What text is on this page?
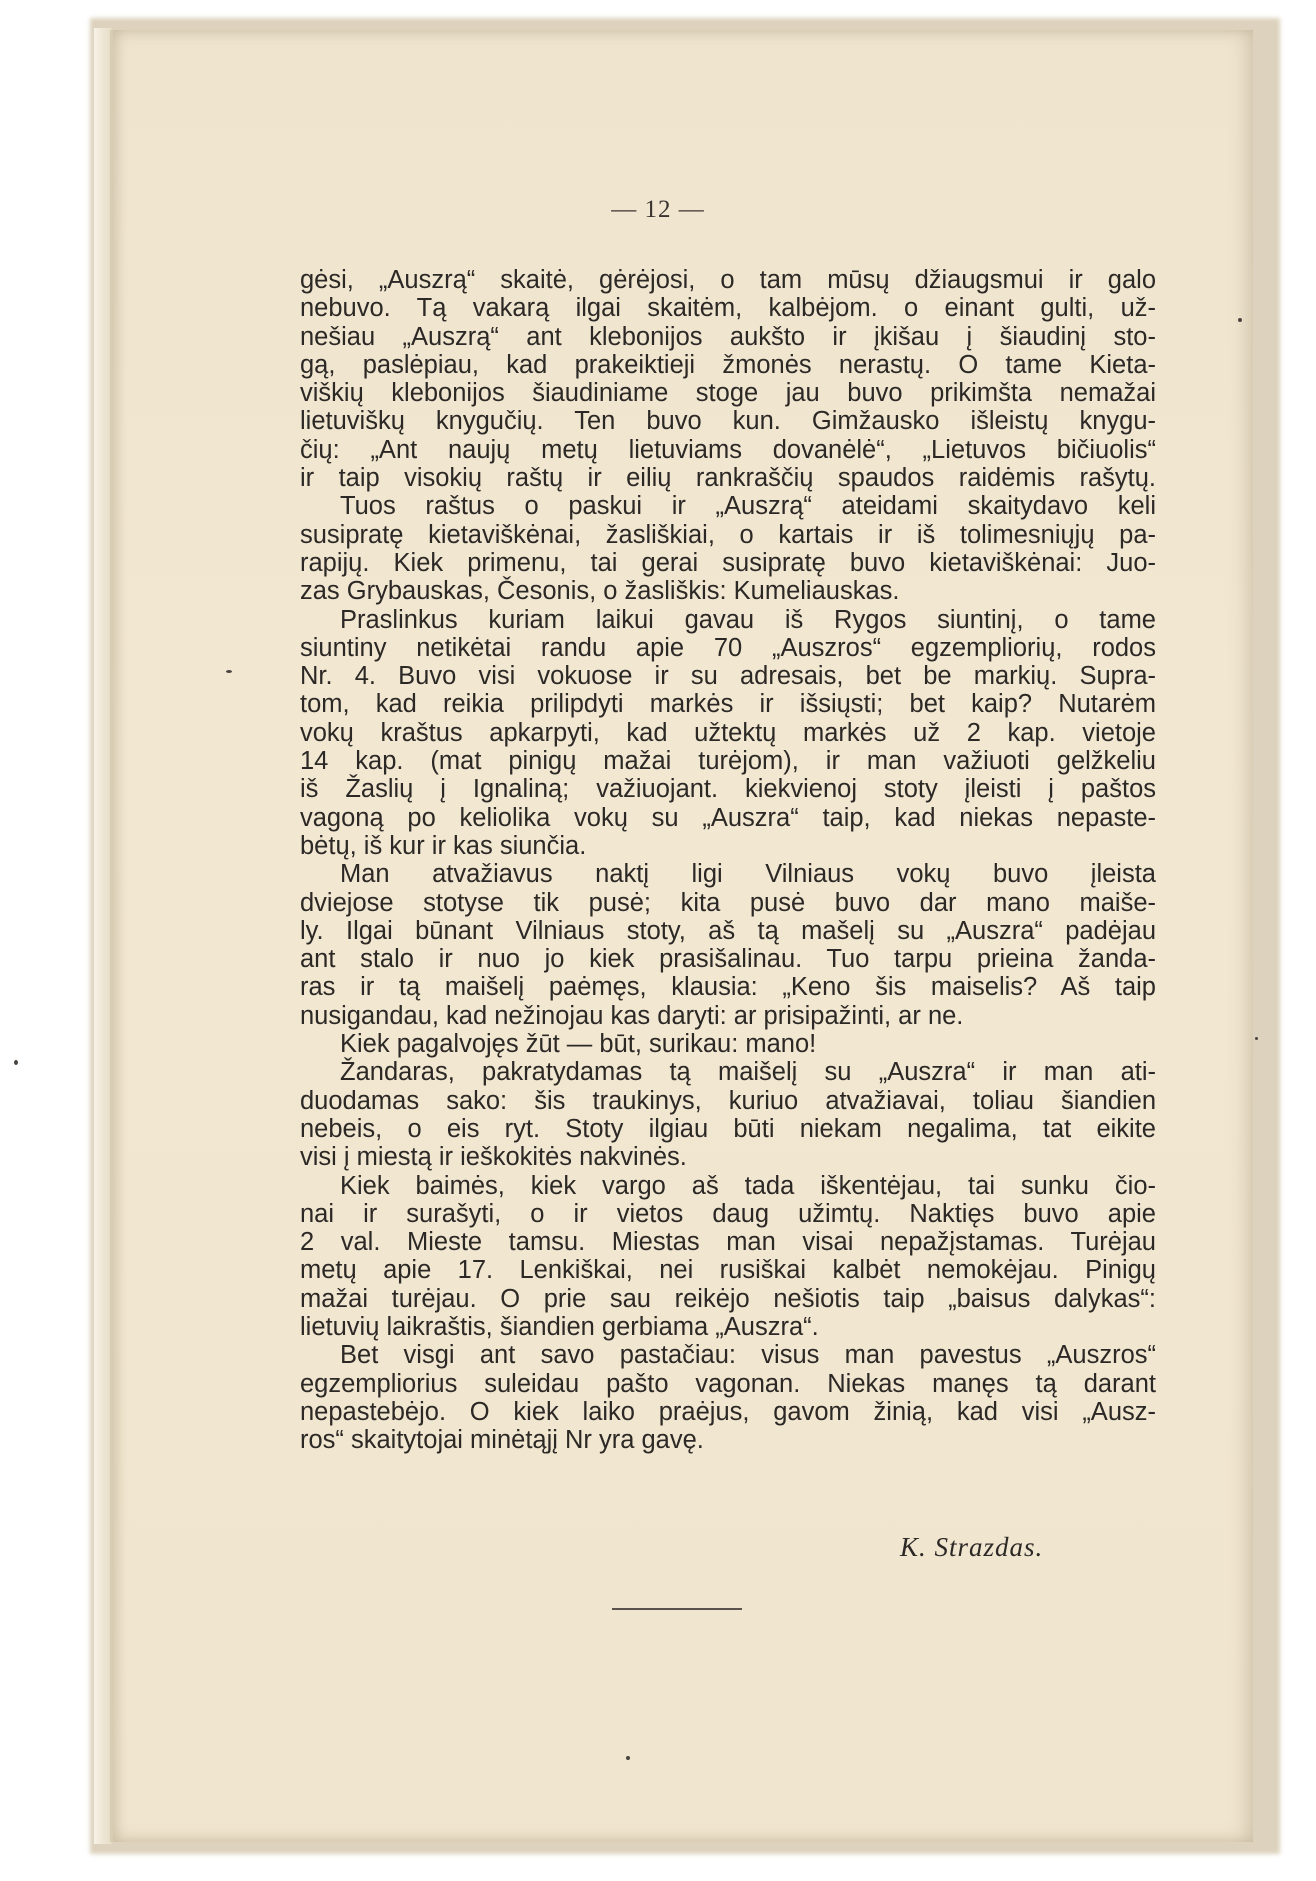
— 12 —
gėsi, „Auszrą“ skaitė, gėrėjosi, o tam mūsų džiaugsmui ir galo
nebuvo. Tą vakarą ilgai skaitėm, kalbėjom. o einant gulti, už-
nešiau „Auszrą“ ant klebonijos aukšto ir įkišau į šiaudinį sto-
gą, paslėpiau, kad prakeiktieji žmonės nerastų. O tame Kieta-
viškių klebonijos šiaudiniame stoge jau buvo prikimšta nemažai
lietuviškų knygučių. Ten buvo kun. Gimžausko išleistų knygu-
čių: „Ant naujų metų lietuviams dovanėlė“, „Lietuvos bičiuolis“
ir taip visokių raštų ir eilių rankraščių spaudos raidėmis rašytų.
Tuos raštus o paskui ir „Auszrą“ ateidami skaitydavo keli
susipratę kietaviškėnai, žasliškiai, o kartais ir iš tolimesniųjų pa-
rapijų. Kiek primenu, tai gerai susipratę buvo kietaviškėnai: Juo-
zas Grybauskas, Česonis, o žasliškis: Kumeliauskas.
Praslinkus kuriam laikui gavau iš Rygos siuntinį, o tame
siuntiny netikėtai randu apie 70 „Auszros“ egzempliorių, rodos
Nr. 4. Buvo visi vokuose ir su adresais, bet be markių. Supra-
tom, kad reikia prilipdyti markės ir išsiųsti; bet kaip? Nutarėm
vokų kraštus apkarpyti, kad užtektų markės už 2 kap. vietoje
14 kap. (mat pinigų mažai turėjom), ir man važiuoti gelžkeliu
iš Žaslių į Ignaliną; važiuojant. kiekvienoj stoty įleisti į paštos
vagoną po keliolika vokų su „Auszra“ taip, kad niekas nepaste-
bėtų, iš kur ir kas siunčia.
Man atvažiavus naktį ligi Vilniaus vokų buvo įleista
dviejose stotyse tik pusė; kita pusė buvo dar mano maiše-
ly. Ilgai būnant Vilniaus stoty, aš tą mašelį su „Auszra“ padėjau
ant stalo ir nuo jo kiek prasišalinau. Tuo tarpu prieina žanda-
ras ir tą maišelį paėmęs, klausia: „Keno šis maiselis? Aš taip
nusigandau, kad nežinojau kas daryti: ar prisipažinti, ar ne.
Kiek pagalvojęs žūt — būt, surikau: mano!
Žandaras, pakratydamas tą maišelį su „Auszra“ ir man ati-
duodamas sako: šis traukinys, kuriuo atvažiavai, toliau šiandien
nebeis, o eis ryt. Stoty ilgiau būti niekam negalima, tat eikite
visi į miestą ir ieškokitės nakvinės.
Kiek baimės, kiek vargo aš tada iškentėjau, tai sunku čio-
nai ir surašyti, o ir vietos daug užimtų. Naktięs buvo apie
2 val. Mieste tamsu. Miestas man visai nepažįstamas. Turėjau
metų apie 17. Lenkiškai, nei rusiškai kalbėt nemokėjau. Pinigų
mažai turėjau. O prie sau reikėjo nešiotis taip „baisus dalykas“:
lietuvių laikraštis, šiandien gerbiama „Auszra“.
Bet visgi ant savo pastačiau: visus man pavestus „Auszros“
egzempliorius suleidau pašto vagonan. Niekas manęs tą darant
nepastebėjo. O kiek laiko praėjus, gavom žinią, kad visi „Ausz-
ros“ skaitytojai minėtąjį Nr yra gavę.
K. Strazdas.
